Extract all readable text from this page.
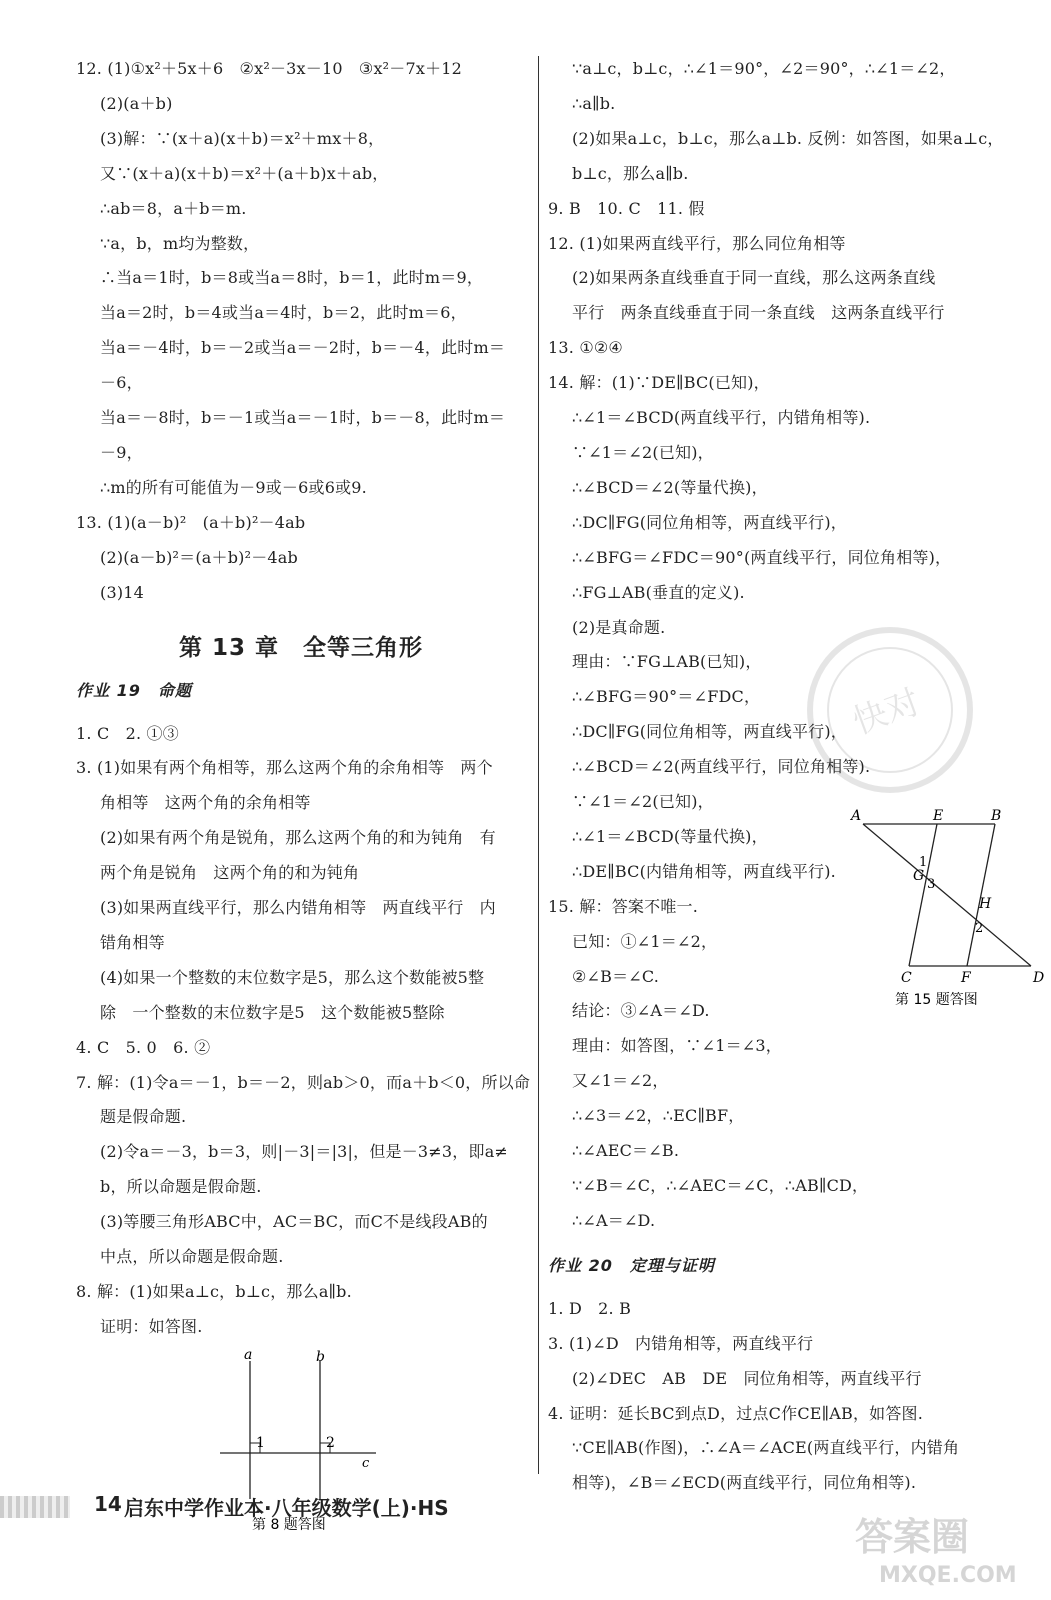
12. (1)①x²＋5x＋6　②x²－3x－10　③x²－7x＋12
(2)(a＋b)
(3)解：∵(x＋a)(x＋b)＝x²＋mx＋8，
又∵(x＋a)(x＋b)＝x²＋(a＋b)x＋ab，
∴ab＝8，a＋b＝m.
∵a，b，m均为整数，
∴当a＝1时，b＝8或当a＝8时，b＝1，此时m＝9，
当a＝2时，b＝4或当a＝4时，b＝2，此时m＝6，
当a＝－4时，b＝－2或当a＝－2时，b＝－4，此时m＝
－6，
当a＝－8时，b＝－1或当a＝－1时，b＝－8，此时m＝
－9，
∴m的所有可能值为－9或－6或6或9.
13. (1)(a－b)²　(a＋b)²－4ab
(2)(a－b)²＝(a＋b)²－4ab
(3)14
第 13 章　全等三角形
作业 19　命题
1. C　2. ①③
3. (1)如果有两个角相等，那么这两个角的余角相等　两个
角相等　这两个角的余角相等
(2)如果有两个角是锐角，那么这两个角的和为钝角　有
两个角是锐角　这两个角的和为钝角
(3)如果两直线平行，那么内错角相等　两直线平行　内
错角相等
(4)如果一个整数的末位数字是5，那么这个数能被5整
除　一个整数的末位数字是5　这个数能被5整除
4. C　5. 0　6. ②
7. 解：(1)令a＝－1，b＝－2，则ab＞0，而a＋b＜0，所以命
题是假命题.
(2)令a＝－3，b＝3，则|－3|＝|3|，但是－3≠3，即a≠
b，所以命题是假命题.
(3)等腰三角形ABC中，AC＝BC，而C不是线段AB的
中点，所以命题是假命题.
8. 解：(1)如果a⊥c，b⊥c，那么a∥b.
证明：如答图.
a	b
c
1	2
第 8 题答图
∵a⊥c，b⊥c，∴∠1＝90°，∠2＝90°，∴∠1＝∠2，
∴a∥b.
(2)如果a⊥c，b⊥c，那么a⊥b. 反例：如答图，如果a⊥c，
b⊥c，那么a∥b.
9. B　10. C　11. 假
12. (1)如果两直线平行，那么同位角相等
(2)如果两条直线垂直于同一直线，那么这两条直线
平行　两条直线垂直于同一条直线　这两条直线平行
13. ①②④
14. 解：(1)∵DE∥BC(已知)，
∴∠1＝∠BCD(两直线平行，内错角相等).
∵∠1＝∠2(已知)，
∴∠BCD＝∠2(等量代换)，
∴DC∥FG(同位角相等，两直线平行)，
∴∠BFG＝∠FDC＝90°(两直线平行，同位角相等)，
∴FG⊥AB(垂直的定义).
(2)是真命题.
理由：∵FG⊥AB(已知)，
∴∠BFG＝90°＝∠FDC，
∴DC∥FG(同位角相等，两直线平行)，
∴∠BCD＝∠2(两直线平行，同位角相等).
∵∠1＝∠2(已知)，
∴∠1＝∠BCD(等量代换)，
∴DE∥BC(内错角相等，两直线平行).
15. 解：答案不唯一.
已知：①∠1＝∠2，
②∠B＝∠C.
结论：③∠A＝∠D.
理由：如答图，∵∠1＝∠3，
又∠1＝∠2，
∴∠3＝∠2，∴EC∥BF，
∴∠AEC＝∠B.
∵∠B＝∠C，∴∠AEC＝∠C，∴AB∥CD，
∴∠A＝∠D.
作业 20　定理与证明
1. D　2. B
3. (1)∠D　内错角相等，两直线平行
(2)∠DEC　AB　DE　同位角相等，两直线平行
4. 证明：延长BC到点D，过点C作CE∥AB，如答图.
∵CE∥AB(作图)，∴∠A＝∠ACE(两直线平行，内错角
相等)，∠B＝∠ECD(两直线平行，同位角相等).
A	E	B
G
H
C	F	D
1
2
3
第 15 题答图
快对
14 启东中学作业本·八年级数学(上)·HS
答案圈
MXQE.COM
